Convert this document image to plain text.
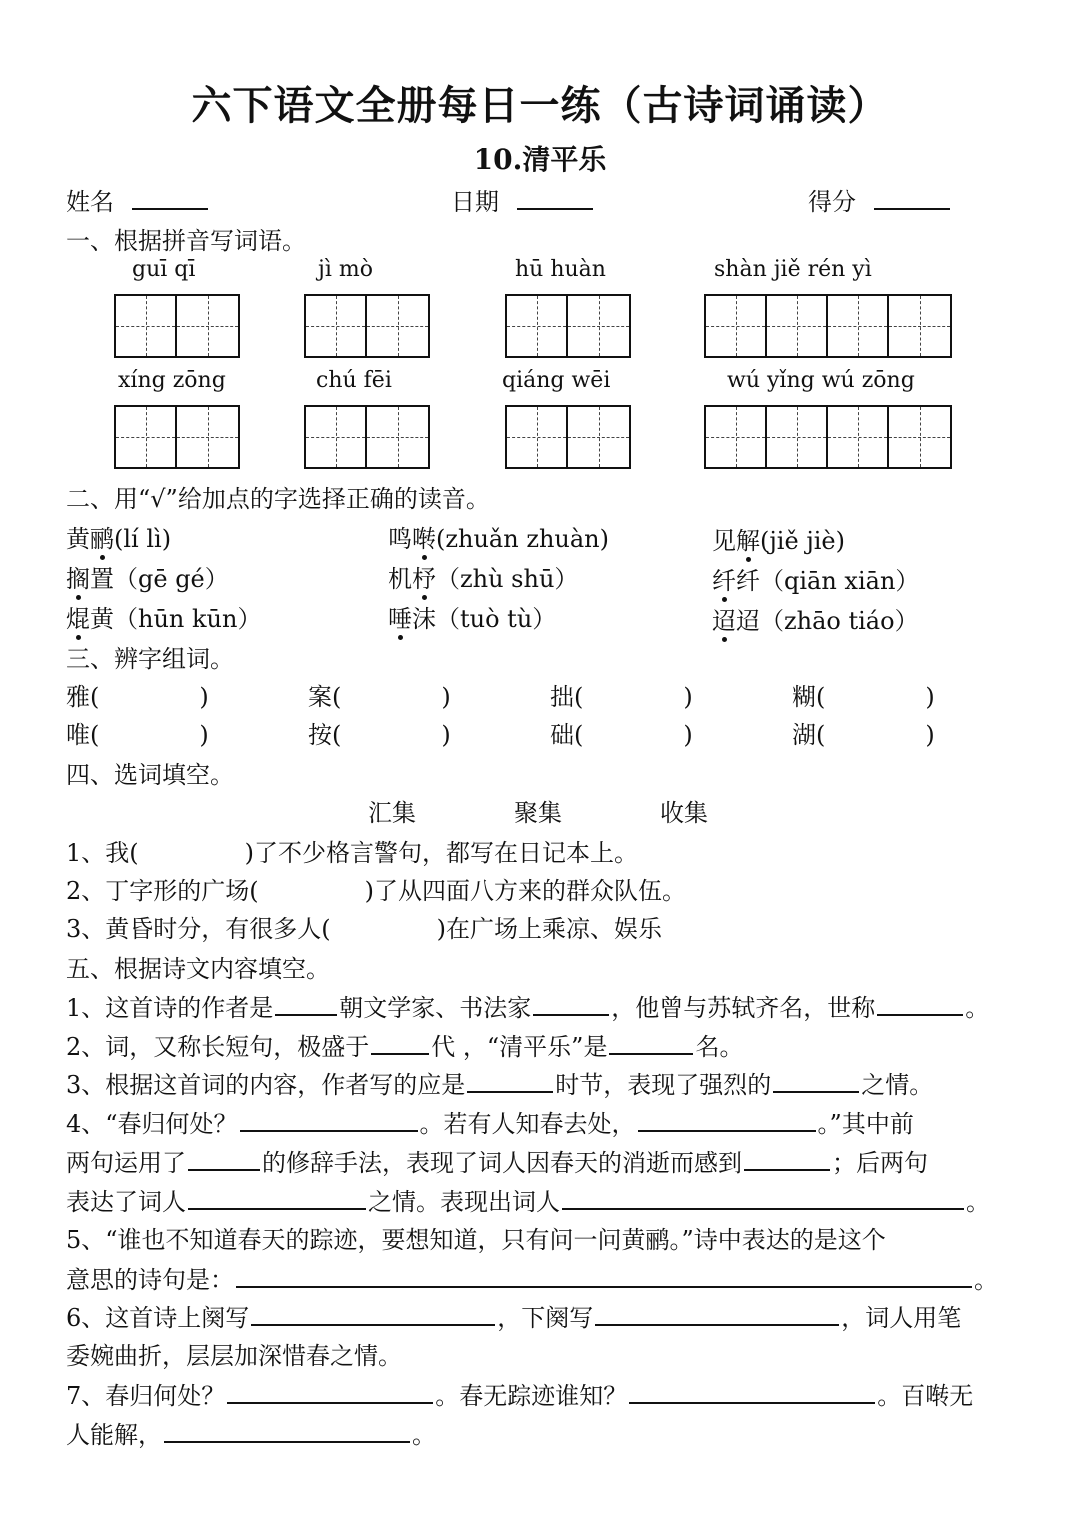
六下语文全册每日一练（古诗词诵读）
10.清平乐
姓名	日期	得分
一、根据拼音写词语。
guī qī	jì mò	hū huàn	shàn jiě rén yì
xíng zōng	chú fēi	qiáng wēi	wú yǐng wú zōng
二、用“√”给加点的字选择正确的读音。
黄鹂(lí lì)	鸣啭(zhuǎn zhuàn)	见解(jiě jiè)
搁置（gē gé）	机杼（zhù shū）	纤纤（qiān xiān）
焜黄（hūn kūn）	唾沫（tuò tù）	迢迢（zhāo tiáo）
三、辨字组词。
雅(	)	案(	)	拙(	)	糊(	)
唯(	)	按(	)	础(	)	湖(	)
四、选词填空。
汇集	聚集	收集
1、我(	)了不少格言警句，都写在日记本上。
2、丁字形的广场(	)了从四面八方来的群众队伍。
3、黄昏时分，有很多人(	)在广场上乘凉、娱乐
五、根据诗文内容填空。
1、这首诗的作者是	朝文学家、书法家	，他曾与苏轼齐名，世称	。
2、词，又称长短句，极盛于	代 ，“清平乐”是	名。
3、根据这首词的内容，作者写的应是	时节，表现了强烈的	之情。
4、“春归何处？	。若有人知春去处，	。”其中前
两句运用了	的修辞手法，表现了词人因春天的消逝而感到	；后两句
表达了词人	之情。表现出词人	。
5、“谁也不知道春天的踪迹，要想知道，只有问一问黄鹂。”诗中表达的是这个
意思的诗句是：	。
6、这首诗上阕写	，下阕写	，词人用笔
委婉曲折，层层加深惜春之情。
7、春归何处？	。春无踪迹谁知？	。百啭无
人能解，	。
